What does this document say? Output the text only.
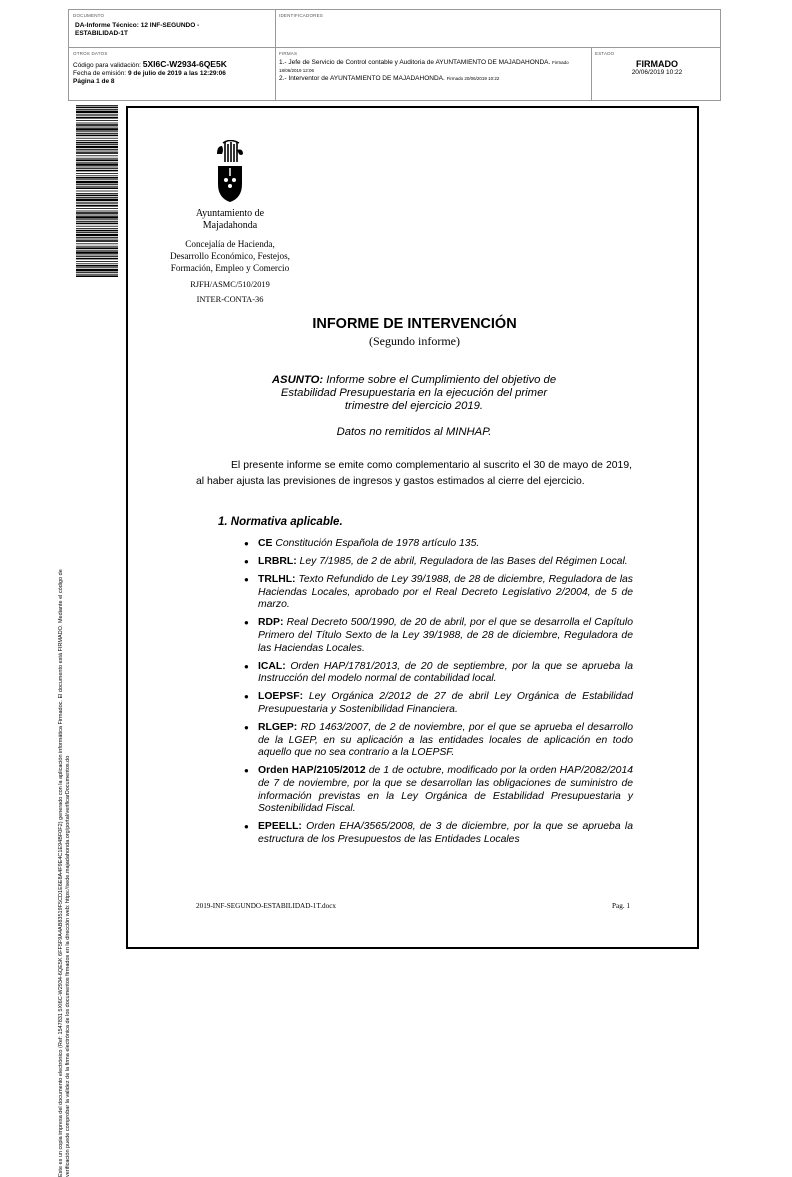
DOCUMENTO
DA-Informe Técnico: 12 INF-SEGUNDO -ESTABILIDAD-1T
IDENTIFICADORES
OTROS DATOS
Código para validación: 5XI6C-W2934-6QE5K
Fecha de emisión: 9 de julio de 2019 a las 12:29:06
Página 1 de 8
FIRMAS
1.- Jefe de Servicio de Control contable y Auditoria de AYUNTAMIENTO DE MAJADAHONDA. Firmado 18/06/2019 12:06
2.- Interventor de AYUNTAMIENTO DE MAJADAHONDA. Firmado 20/06/2019 10:22
ESTADO
FIRMADO
20/06/2019 10:22
Este es un copia impresa del documento electrónico (Ref: 1547831 5XI6C-W2934-6QE5K 6FF5F9A4AB83519F5CD1E6E8A4F9E4C1E94BF0F2) generado con la aplicación informática Firmadoc. El documento está FIRMADO. Mediante el código de verificación puede comprobar la validez de la firma electrónica de los documentos firmados en la dirección web: https://sede.majadahonda.org/portal/verificarDocumentos.do
Ayuntamiento de
Majadahonda
Concejalía de Hacienda,
Desarrollo Económico, Festejos,
Formación, Empleo y Comercio
RJFH/ASMC/510/2019
INTER-CONTA-36
INFORME DE INTERVENCIÓN
(Segundo informe)
ASUNTO: Informe sobre el Cumplimiento del objetivo de
Estabilidad Presupuestaria en la ejecución del primer
trimestre del ejercicio 2019.
Datos no remitidos al MINHAP.
El presente informe se emite como complementario al suscrito el 30 de mayo de 2019, al haber ajusta las previsiones de ingresos y gastos estimados al cierre del ejercicio.
1. Normativa aplicable.
● CE Constitución Española de 1978 artículo 135.
● LRBRL: Ley 7/1985, de 2 de abril, Reguladora de las Bases del Régimen Local.
● TRLHL: Texto Refundido de Ley 39/1988, de 28 de diciembre, Reguladora de las Haciendas Locales, aprobado por el Real Decreto Legislativo 2/2004, de 5 de marzo.
● RDP: Real Decreto 500/1990, de 20 de abril, por el que se desarrolla el Capítulo Primero del Título Sexto de la Ley 39/1988, de 28 de diciembre, Reguladora de las Haciendas Locales.
● ICAL: Orden HAP/1781/2013, de 20 de septiembre, por la que se aprueba la Instrucción del modelo normal de contabilidad local.
● LOEPSF: Ley Orgánica 2/2012 de 27 de abril Ley Orgánica de Estabilidad Presupuestaria y Sostenibilidad Financiera.
● RLGEP: RD 1463/2007, de 2 de noviembre, por el que se aprueba el desarrollo de la LGEP, en su aplicación a las entidades locales de aplicación en todo aquello que no sea contrario a la LOEPSF.
● Orden HAP/2105/2012 de 1 de octubre, modificado por la orden HAP/2082/2014 de 7 de noviembre, por la que se desarrollan las obligaciones de suministro de información previstas en la Ley Orgánica de Estabilidad Presupuestaria y Sostenibilidad Fiscal.
● EPEELL: Orden EHA/3565/2008, de 3 de diciembre, por la que se aprueba la estructura de los Presupuestos de las Entidades Locales
2019-INF-SEGUNDO-ESTABILIDAD-1T.docx	Pag. 1
